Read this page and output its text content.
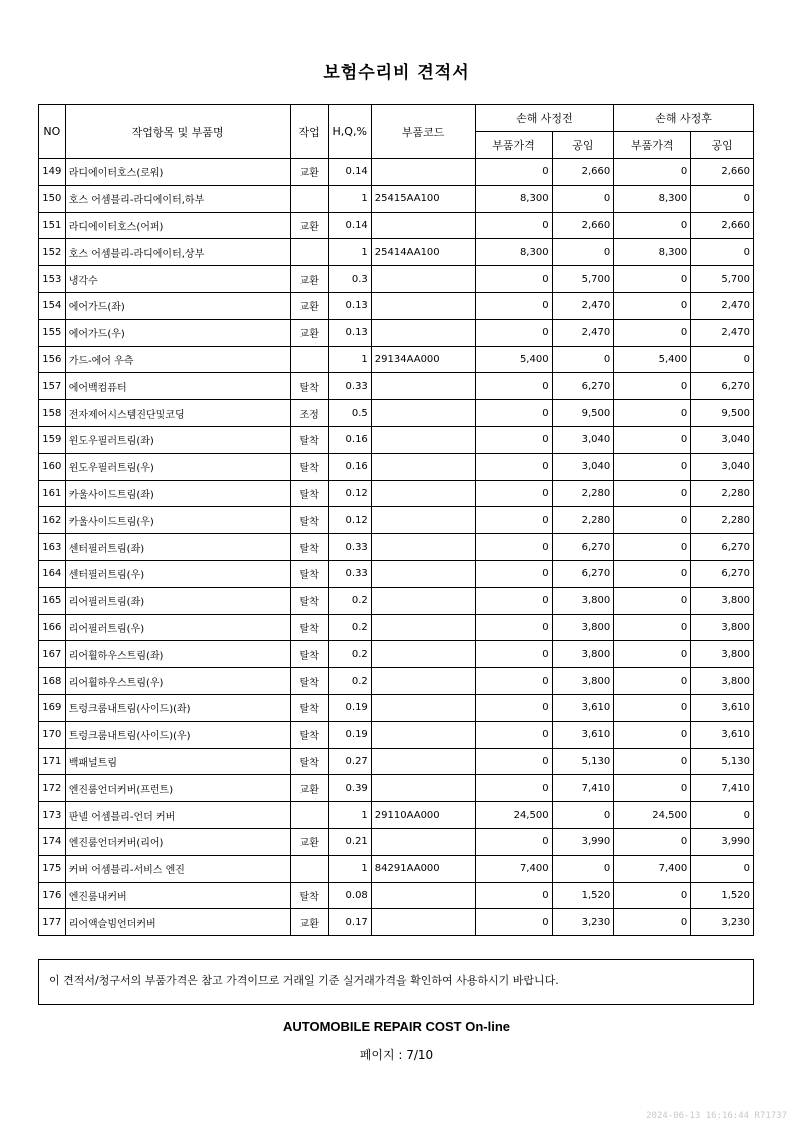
보험수리비 견적서
NO	작업항목 및 부품명	작업	H,Q,%	부품코드	손해 사정전		손해 사정후	
					부품가격	공임	부품가격	공임
149	라디에이터호스(로워)	교환	0.14		0	2,660	0	2,660
150	호스 어셈블리-라디에이터,하부		1	25415AA100	8,300	0	8,300	0
151	라디에이터호스(어퍼)	교환	0.14		0	2,660	0	2,660
152	호스 어셈블리-라디에이터,상부		1	25414AA100	8,300	0	8,300	0
153	냉각수	교환	0.3		0	5,700	0	5,700
154	에어가드(좌)	교환	0.13		0	2,470	0	2,470
155	에어가드(우)	교환	0.13		0	2,470	0	2,470
156	가드-에어 우측		1	29134AA000	5,400	0	5,400	0
157	에어백컴퓨터	탈착	0.33		0	6,270	0	6,270
158	전자제어시스템진단및코딩	조정	0.5		0	9,500	0	9,500
159	윈도우필러트림(좌)	탈착	0.16		0	3,040	0	3,040
160	윈도우필러트림(우)	탈착	0.16		0	3,040	0	3,040
161	카울사이드트림(좌)	탈착	0.12		0	2,280	0	2,280
162	카울사이드트림(우)	탈착	0.12		0	2,280	0	2,280
163	센터필러트림(좌)	탈착	0.33		0	6,270	0	6,270
164	센터필러트림(우)	탈착	0.33		0	6,270	0	6,270
165	리어필러트림(좌)	탈착	0.2		0	3,800	0	3,800
166	리어필러트림(우)	탈착	0.2		0	3,800	0	3,800
167	리어휠하우스트림(좌)	탈착	0.2		0	3,800	0	3,800
168	리어휠하우스트림(우)	탈착	0.2		0	3,800	0	3,800
169	트렁크룸내트림(사이드)(좌)	탈착	0.19		0	3,610	0	3,610
170	트렁크룸내트림(사이드)(우)	탈착	0.19		0	3,610	0	3,610
171	백패널트림	탈착	0.27		0	5,130	0	5,130
172	엔진룸언더커버(프런트)	교환	0.39		0	7,410	0	7,410
173	판넬 어셈블리-언더 커버		1	29110AA000	24,500	0	24,500	0
174	엔진룸언더커버(리어)	교환	0.21		0	3,990	0	3,990
175	커버 어셈블리-서비스 엔진		1	84291AA000	7,400	0	7,400	0
176	엔진룸내커버	탈착	0.08		0	1,520	0	1,520
177	리어액슬빔언더커버	교환	0.17		0	3,230	0	3,230
이 견적서/청구서의 부품가격은 참고 가격이므로 거래일 기준 실거래가격을 확인하여 사용하시기 바랍니다.
AUTOMOBILE REPAIR COST On-line
페이지 : 7/10
2024-06-13 16:16:44 R71737
